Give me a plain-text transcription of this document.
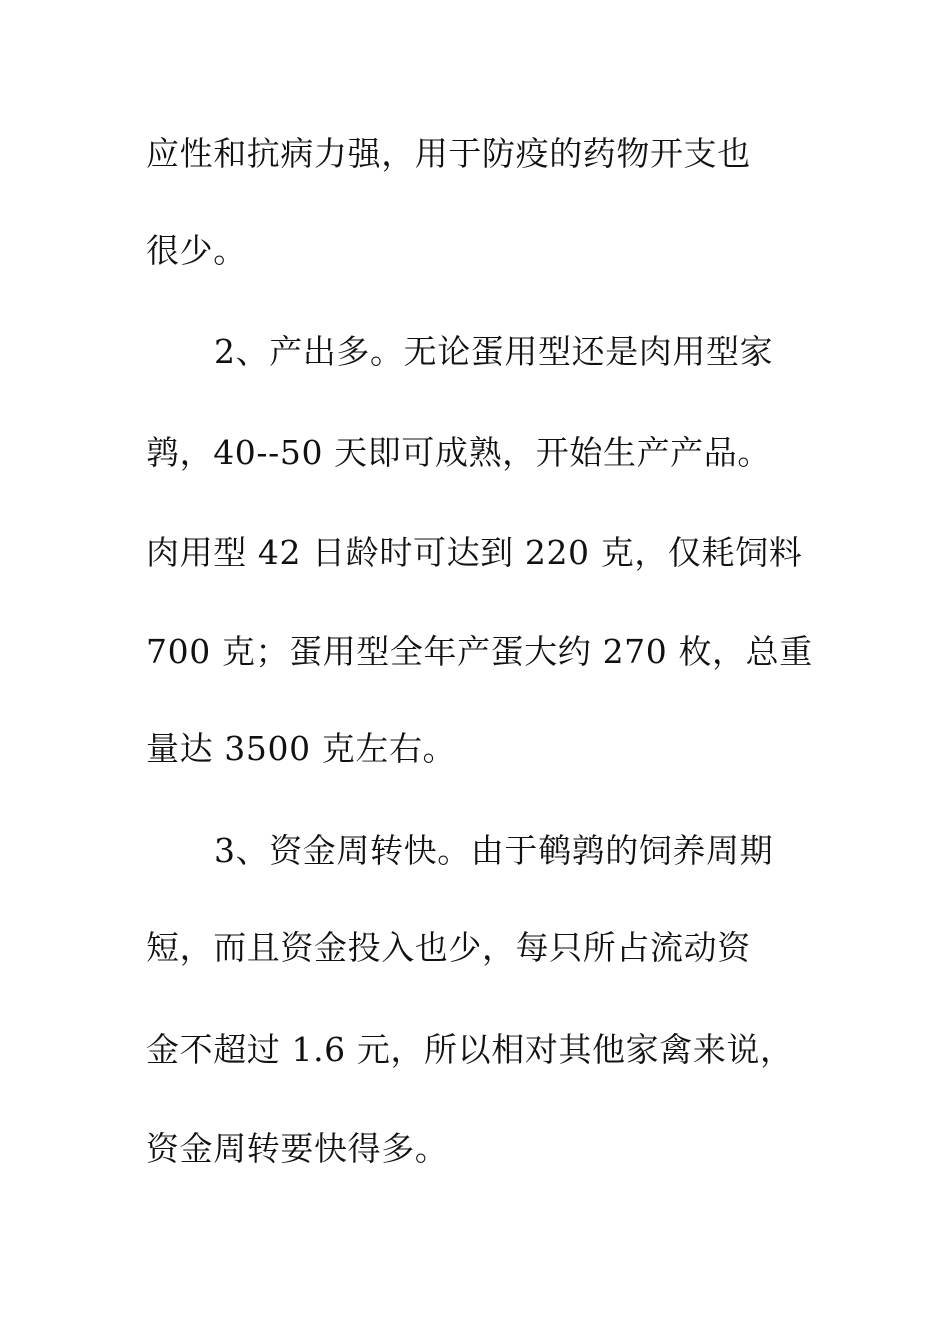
应性和抗病力强，用于防疫的药物开支也
很少。
2、产出多。无论蛋用型还是肉用型家
鹑，40--50 天即可成熟，开始生产产品。
肉用型 42 日龄时可达到 220 克，仅耗饲料
700 克；蛋用型全年产蛋大约 270 枚，总重
量达 3500 克左右。
3、资金周转快。由于鹌鹑的饲养周期
短，而且资金投入也少，每只所占流动资
金不超过 1.6 元，所以相对其他家禽来说，
资金周转要快得多。
